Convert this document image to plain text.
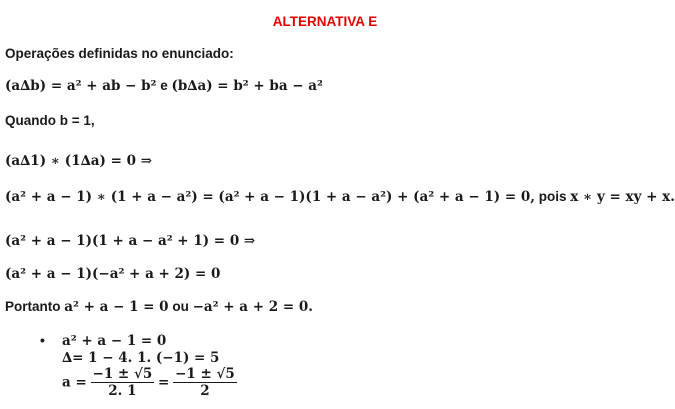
ALTERNATIVA E
Operações definidas no enunciado:
(a∆b) = a² + ab − b² e (b∆a) = b² + ba − a²
Quando b = 1,
(a∆1) ∗ (1∆a) = 0 ⇒
(a² + a − 1) ∗ (1 + a − a²) = (a² + a − 1)(1 + a − a²) + (a² + a − 1) = 0, pois x ∗ y = xy + x.
(a² + a − 1)(1 + a − a² + 1) = 0 ⇒
(a² + a − 1)(−a² + a + 2) = 0
Portanto a² + a − 1 = 0 ou −a² + a + 2 = 0.
• a² + a − 1 = 0
∆= 1 − 4. 1. (−1) = 5
$a = \frac{-1 \pm √5}{2. 1} = \frac{-1 \pm √5}{2}$
